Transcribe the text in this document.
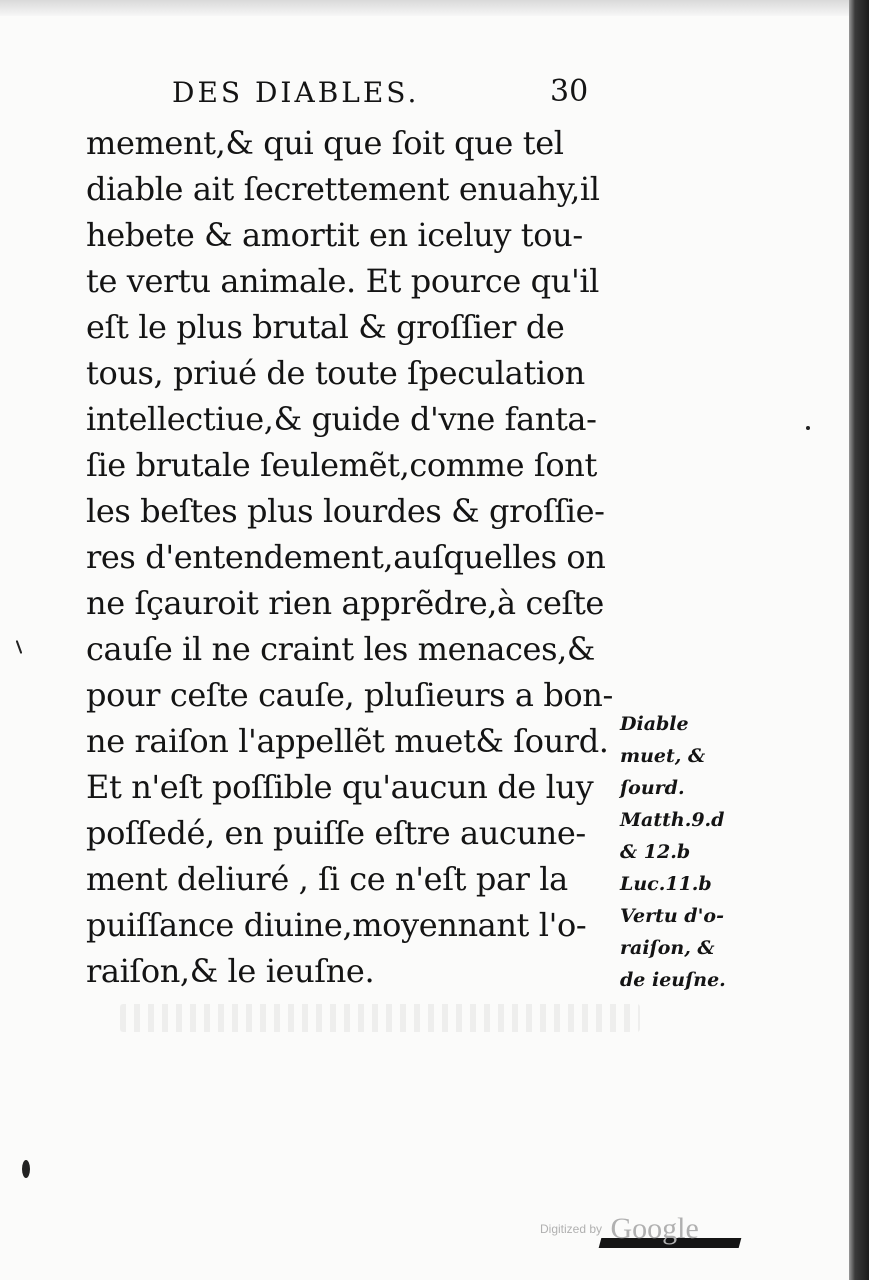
DES DIABLES.	30
mement,& qui que ſoit que tel
diable ait ſecrettement enuahy,il
hebete & amortit en iceluy tou-
te vertu animale. Et pource qu'il
eſt le plus brutal & groſſier de
tous, priué de toute ſpeculation
intellectiue,& guide d'vne fanta-
ſie brutale ſeulemẽt,comme ſont
les beſtes plus lourdes & groſſie-
res d'entendement,auſquelles on
ne ſçauroit rien apprẽdre,à ceſte
cauſe il ne craint les menaces,&
pour ceſte cauſe, pluſieurs a bon-
ne raiſon l'appellẽt muet& ſourd.
Et n'eſt poſſible qu'aucun de luy
poſſedé, en puiſſe eſtre aucune-
ment deliuré , ſi ce n'eſt par la
puiſſance diuine,moyennant l'o-
raiſon,& le ieuſne.
Diable
muet, &
ſourd.
Matth.9.d
& 12.b
Luc.11.b
Vertu d'o-
raiſon, &
de ieuſne.
Digitized by Google
